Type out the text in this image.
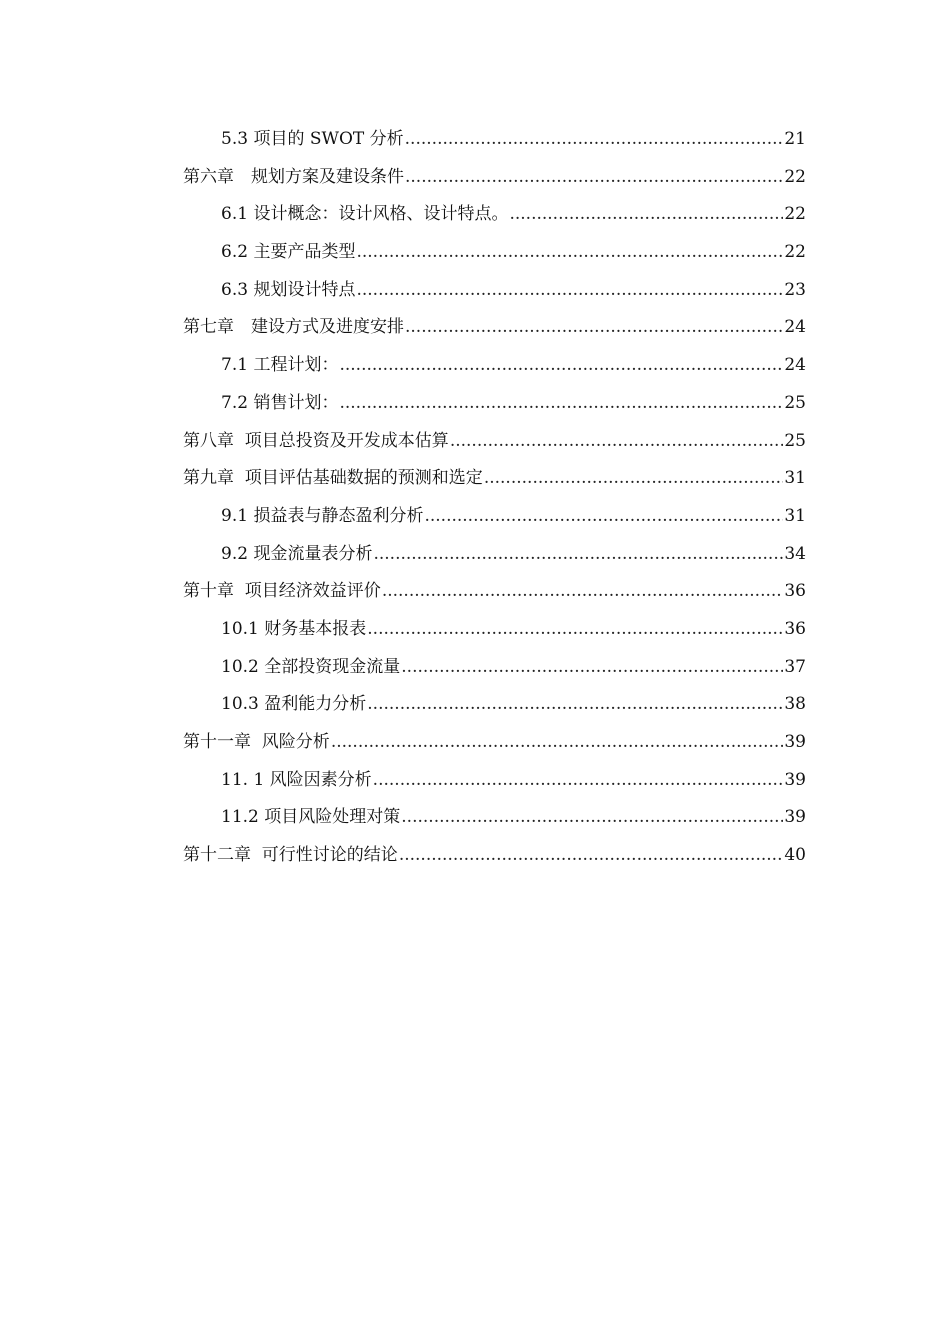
5.3 项目的 SWOT 分析 .....	21
第六章　规划方案及建设条件 .....	22
6.1 设计概念：设计风格、设计特点。 .....	22
6.2 主要产品类型 .....	22
6.3 规划设计特点 .....	23
第七章　建设方式及进度安排 .....	24
7.1 工程计划： .....	24
7.2 销售计划： .....	25
第八章  项目总投资及开发成本估算 .....	25
第九章  项目评估基础数据的预测和选定 .....	31
9.1 损益表与静态盈利分析 .....	31
9.2 现金流量表分析 .....	34
第十章  项目经济效益评价 .....	36
10.1 财务基本报表 .....	36
10.2 全部投资现金流量 .....	37
10.3 盈利能力分析 .....	38
第十一章  风险分析 .....	39
11. 1 风险因素分析 .....	39
11.2 项目风险处理对策 .....	39
第十二章  可行性讨论的结论 .....	40
